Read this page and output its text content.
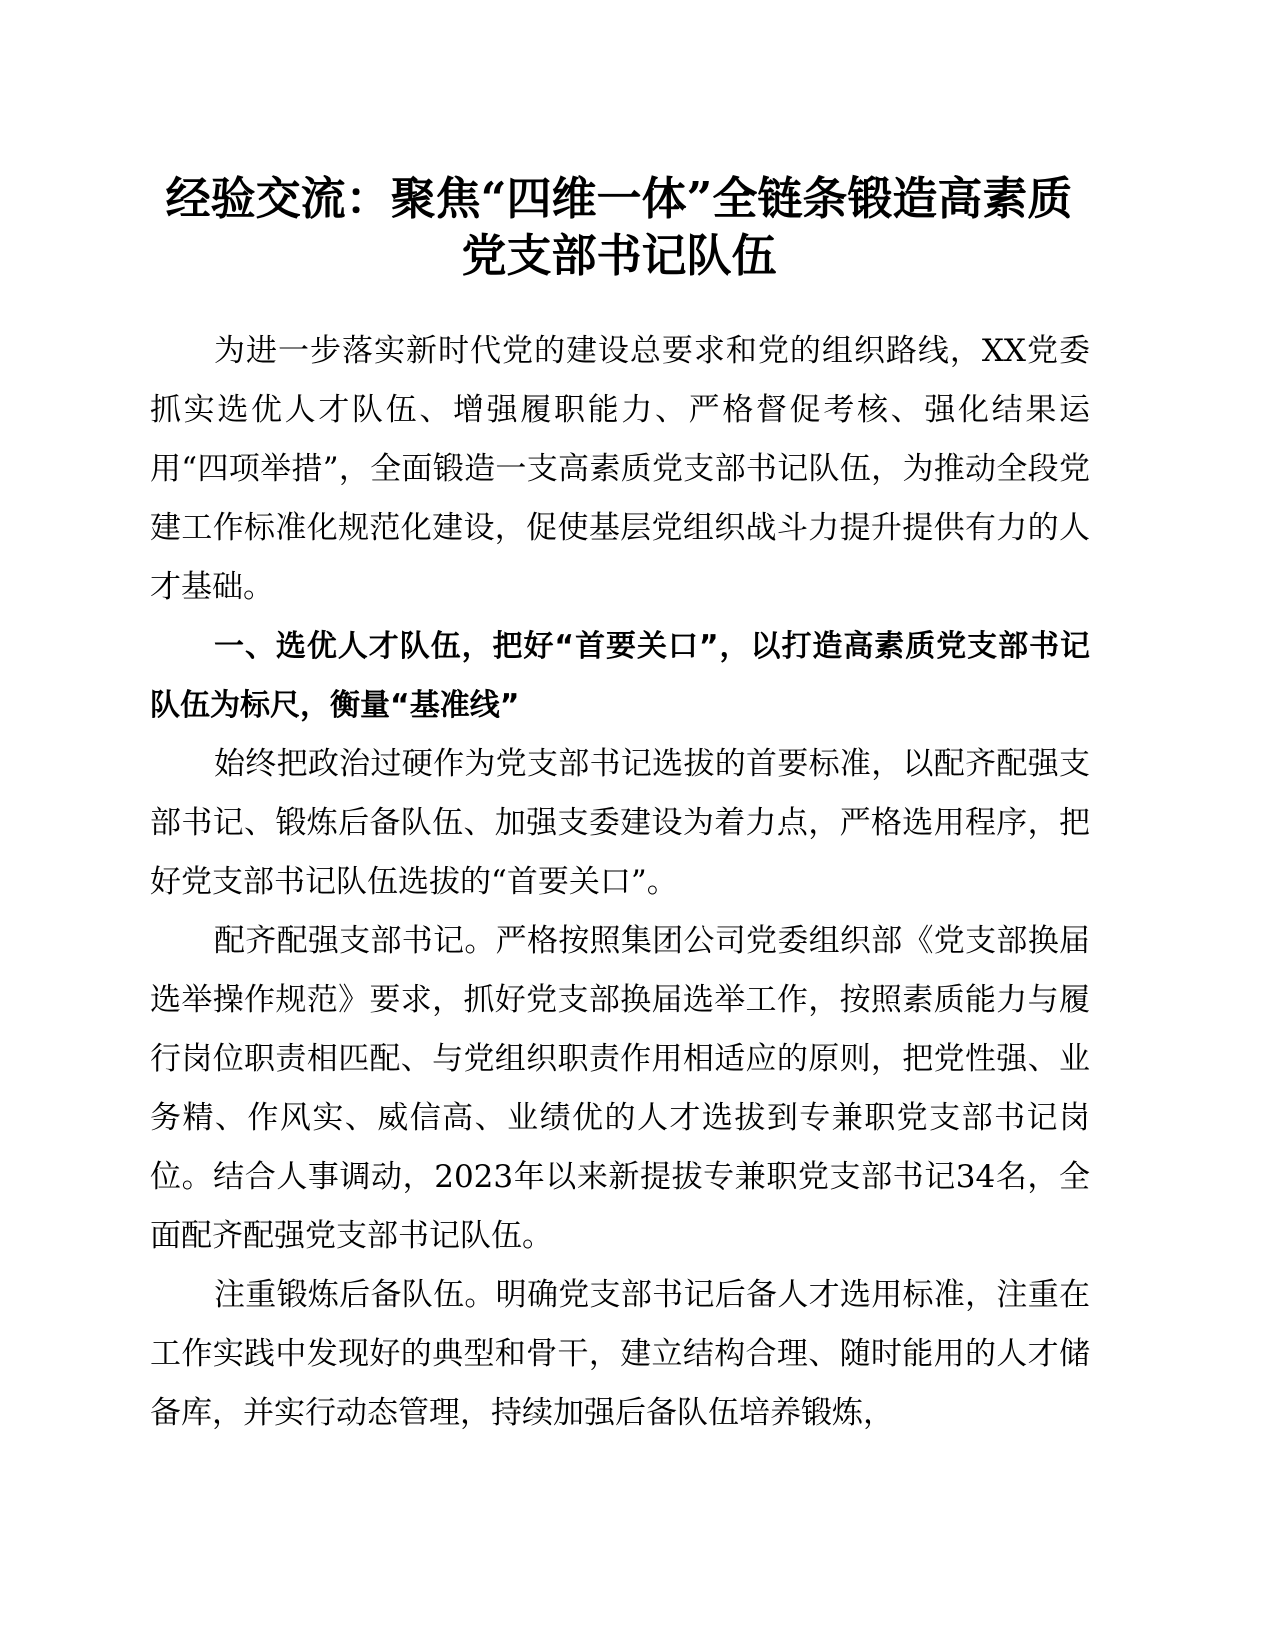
经验交流：聚焦“四维一体”全链条锻造高素质党支部书记队伍

为进一步落实新时代党的建设总要求和党的组织路线，XX党委抓实选优人才队伍、增强履职能力、严格督促考核、强化结果运用“四项举措”，全面锻造一支高素质党支部书记队伍，为推动全段党建工作标准化规范化建设，促使基层党组织战斗力提升提供有力的人才基础。

一、选优人才队伍，把好“首要关口”，以打造高素质党支部书记队伍为标尺，衡量“基准线”

始终把政治过硬作为党支部书记选拔的首要标准，以配齐配强支部书记、锻炼后备队伍、加强支委建设为着力点，严格选用程序，把好党支部书记队伍选拔的“首要关口”。

配齐配强支部书记。严格按照集团公司党委组织部《党支部换届选举操作规范》要求，抓好党支部换届选举工作，按照素质能力与履行岗位职责相匹配、与党组织职责作用相适应的原则，把党性强、业务精、作风实、威信高、业绩优的人才选拔到专兼职党支部书记岗位。结合人事调动，2023年以来新提拔专兼职党支部书记34名，全面配齐配强党支部书记队伍。

注重锻炼后备队伍。明确党支部书记后备人才选用标准，注重在工作实践中发现好的典型和骨干，建立结构合理、随时能用的人才储备库，并实行动态管理，持续加强后备队伍培养锻炼，
